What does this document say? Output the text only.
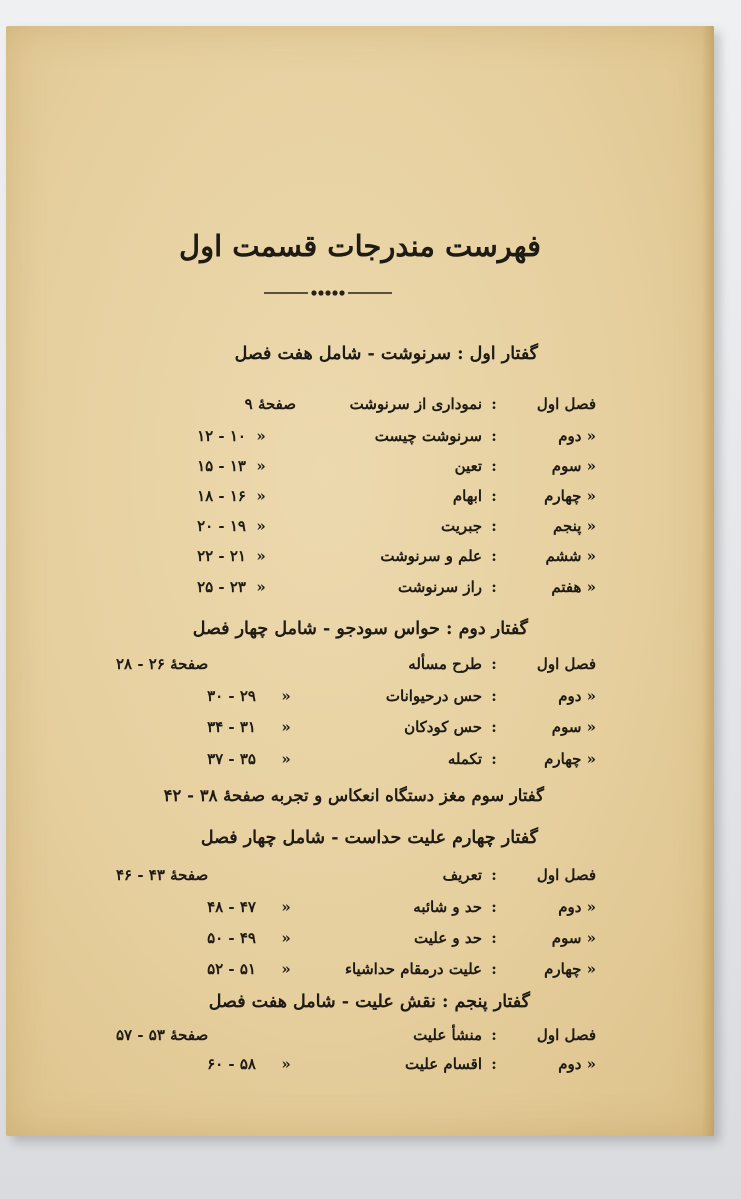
فهرست مندرجات قسمت اول
گفتار اول : سرنوشت - شامل هفت فصل
فصل اول
:
نموداری از سرنوشت
صفحهٔ ۹
« دوم
:
سرنوشت چیست
«۱۰ - ۱۲
« سوم
:
تعین
«۱۳ - ۱۵
« چهارم
:
ابهام
«۱۶ - ۱۸
« پنجم
:
جبریت
«۱۹ - ۲۰
« ششم
:
علم و سرنوشت
«۲۱ - ۲۲
« هفتم
:
راز سرنوشت
«۲۳ - ۲۵
گفتار دوم : حواس سودجو - شامل چهار فصل
فصل اول
:
طرح مسأله
صفحهٔ ۲۶ - ۲۸
« دوم
:
حس درحیوانات
«۲۹ - ۳۰
« سوم
:
حس کودکان
«۳۱ - ۳۴
« چهارم
:
تکمله
«۳۵ - ۳۷
گفتار سوم مغز دستگاه انعکاس و تجربه صفحهٔ ۳۸ - ۴۲
گفتار چهارم علیت حداست - شامل چهار فصل
فصل اول
:
تعریف
صفحهٔ ۴۳ - ۴۶
« دوم
:
حد و شائبه
«۴۷ - ۴۸
« سوم
:
حد و علیت
«۴۹ - ۵۰
« چهارم
:
علیت درمقام حداشیاء
«۵۱ - ۵۲
گفتار پنجم : نقش علیت - شامل هفت فصل
فصل اول
:
منشأ علیت
صفحهٔ ۵۳ - ۵۷
« دوم
:
اقسام علیت
«۵۸ - ۶۰
